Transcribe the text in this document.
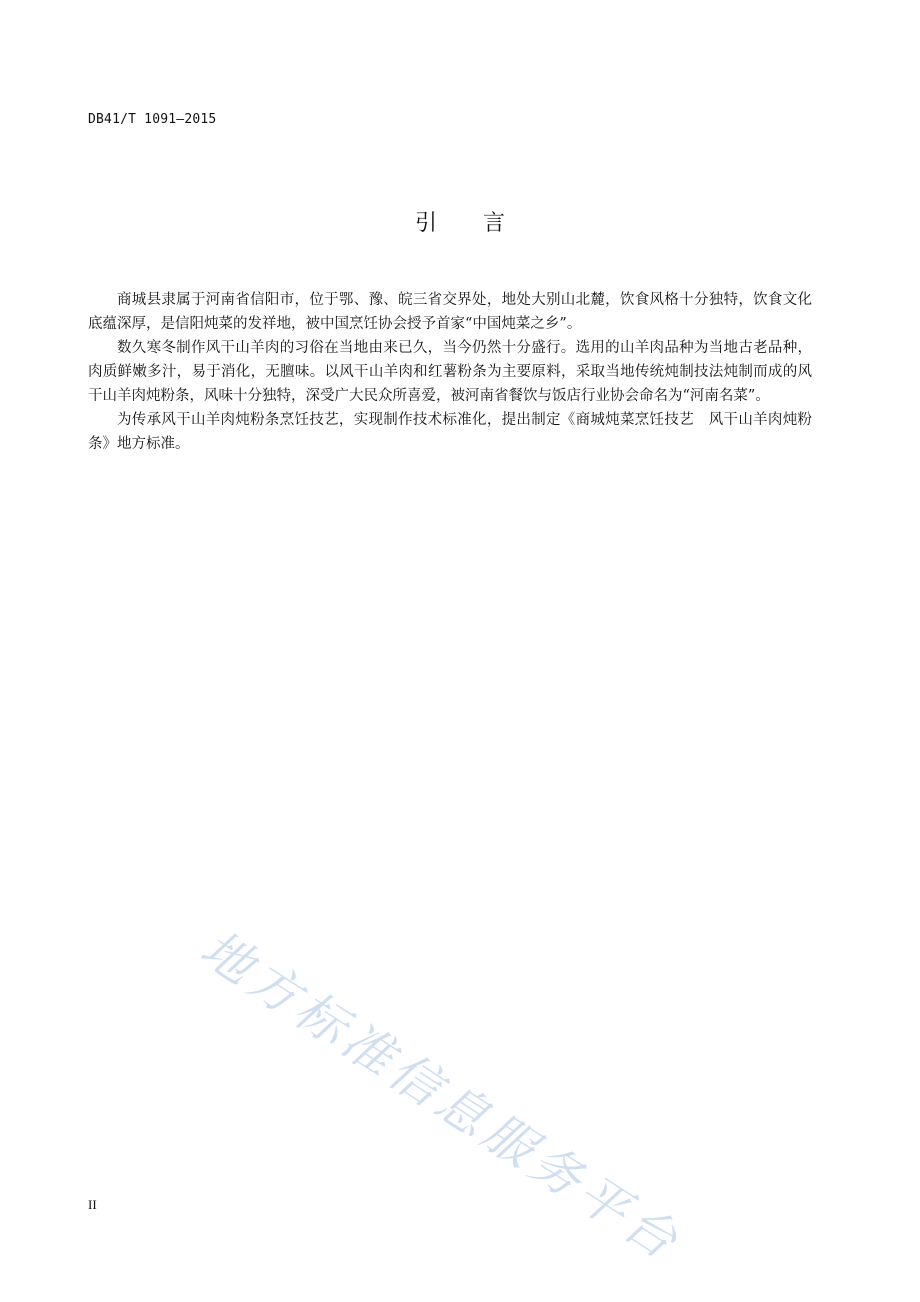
DB41/T 1091—2015
引 言

商城县隶属于河南省信阳市，位于鄂、豫、皖三省交界处，地处大别山北麓，饮食风格十分独特，饮食文化底蕴深厚，是信阳炖菜的发祥地，被中国烹饪协会授予首家“中国炖菜之乡”。

数久寒冬制作风干山羊肉的习俗在当地由来已久，当今仍然十分盛行。选用的山羊肉品种为当地古老品种，肉质鲜嫩多汁，易于消化，无膻味。以风干山羊肉和红薯粉条为主要原料，采取当地传统炖制技法炖制而成的风干山羊肉炖粉条，风味十分独特，深受广大民众所喜爱，被河南省餐饮与饭店行业协会命名为“河南名菜”。

为传承风干山羊肉炖粉条烹饪技艺，实现制作技术标准化，提出制定《商城炖菜烹饪技艺　风干山羊肉炖粉条》地方标准。

地方标准信息服务平台
II
